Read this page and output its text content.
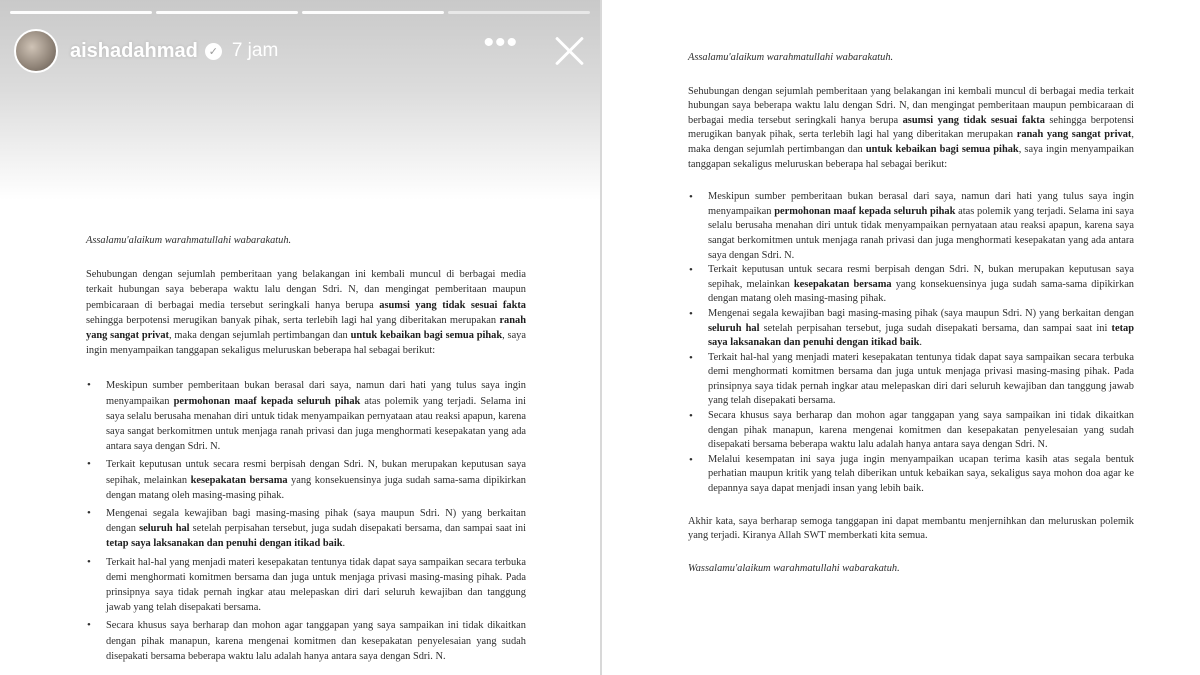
aishadahmad ✓ 7 jam	•••

Assalamu'alaikum warahmatullahi wabarakatuh.

Sehubungan dengan sejumlah pemberitaan yang belakangan ini kembali muncul di berbagai media terkait hubungan saya beberapa waktu lalu dengan Sdri. N, dan mengingat pemberitaan maupun pembicaraan di berbagai media tersebut seringkali hanya berupa asumsi yang tidak sesuai fakta sehingga berpotensi merugikan banyak pihak, serta terlebih lagi hal yang diberitakan merupakan ranah yang sangat privat, maka dengan sejumlah pertimbangan dan untuk kebaikan bagi semua pihak, saya ingin menyampaikan tanggapan sekaligus meluruskan beberapa hal sebagai berikut:

• Meskipun sumber pemberitaan bukan berasal dari saya, namun dari hati yang tulus saya ingin menyampaikan permohonan maaf kepada seluruh pihak atas polemik yang terjadi. Selama ini saya selalu berusaha menahan diri untuk tidak menyampaikan pernyataan atau reaksi apapun, karena saya sangat berkomitmen untuk menjaga ranah privasi dan juga menghormati kesepakatan yang ada antara saya dengan Sdri. N.
• Terkait keputusan untuk secara resmi berpisah dengan Sdri. N, bukan merupakan keputusan saya sepihak, melainkan kesepakatan bersama yang konsekuensinya juga sudah sama-sama dipikirkan dengan matang oleh masing-masing pihak.
• Mengenai segala kewajiban bagi masing-masing pihak (saya maupun Sdri. N) yang berkaitan dengan seluruh hal setelah perpisahan tersebut, juga sudah disepakati bersama, dan sampai saat ini tetap saya laksanakan dan penuhi dengan itikad baik.
• Terkait hal-hal yang menjadi materi kesepakatan tentunya tidak dapat saya sampaikan secara terbuka demi menghormati komitmen bersama dan juga untuk menjaga privasi masing-masing pihak. Pada prinsipnya saya tidak pernah ingkar atau melepaskan diri dari seluruh kewajiban dan tanggung jawab yang telah disepakati bersama.
• Secara khusus saya berharap dan mohon agar tanggapan yang saya sampaikan ini tidak dikaitkan dengan pihak manapun, karena mengenai komitmen dan kesepakatan penyelesaian yang sudah disepakati bersama beberapa waktu lalu adalah hanya antara saya dengan Sdri. N.

Assalamu'alaikum warahmatullahi wabarakatuh.

Sehubungan dengan sejumlah pemberitaan yang belakangan ini kembali muncul di berbagai media terkait hubungan saya beberapa waktu lalu dengan Sdri. N, dan mengingat pemberitaan maupun pembicaraan di berbagai media tersebut seringkali hanya berupa asumsi yang tidak sesuai fakta sehingga berpotensi merugikan banyak pihak, serta terlebih lagi hal yang diberitakan merupakan ranah yang sangat privat, maka dengan sejumlah pertimbangan dan untuk kebaikan bagi semua pihak, saya ingin menyampaikan tanggapan sekaligus meluruskan beberapa hal sebagai berikut:

• Meskipun sumber pemberitaan bukan berasal dari saya, namun dari hati yang tulus saya ingin menyampaikan permohonan maaf kepada seluruh pihak atas polemik yang terjadi. Selama ini saya selalu berusaha menahan diri untuk tidak menyampaikan pernyataan atau reaksi apapun, karena saya sangat berkomitmen untuk menjaga ranah privasi dan juga menghormati kesepakatan yang ada antara saya dengan Sdri. N.
• Terkait keputusan untuk secara resmi berpisah dengan Sdri. N, bukan merupakan keputusan saya sepihak, melainkan kesepakatan bersama yang konsekuensinya juga sudah sama-sama dipikirkan dengan matang oleh masing-masing pihak.
• Mengenai segala kewajiban bagi masing-masing pihak (saya maupun Sdri. N) yang berkaitan dengan seluruh hal setelah perpisahan tersebut, juga sudah disepakati bersama, dan sampai saat ini tetap saya laksanakan dan penuhi dengan itikad baik.
• Terkait hal-hal yang menjadi materi kesepakatan tentunya tidak dapat saya sampaikan secara terbuka demi menghormati komitmen bersama dan juga untuk menjaga privasi masing-masing pihak. Pada prinsipnya saya tidak pernah ingkar atau melepaskan diri dari seluruh kewajiban dan tanggung jawab yang telah disepakati bersama.
• Secara khusus saya berharap dan mohon agar tanggapan yang saya sampaikan ini tidak dikaitkan dengan pihak manapun, karena mengenai komitmen dan kesepakatan penyelesaian yang sudah disepakati bersama beberapa waktu lalu adalah hanya antara saya dengan Sdri. N.
• Melalui kesempatan ini saya juga ingin menyampaikan ucapan terima kasih atas segala bentuk perhatian maupun kritik yang telah diberikan untuk kebaikan saya, sekaligus saya mohon doa agar ke depannya saya dapat menjadi insan yang lebih baik.

Akhir kata, saya berharap semoga tanggapan ini dapat membantu menjernihkan dan meluruskan polemik yang terjadi. Kiranya Allah SWT memberkati kita semua.

Wassalamu'alaikum warahmatullahi wabarakatuh.
